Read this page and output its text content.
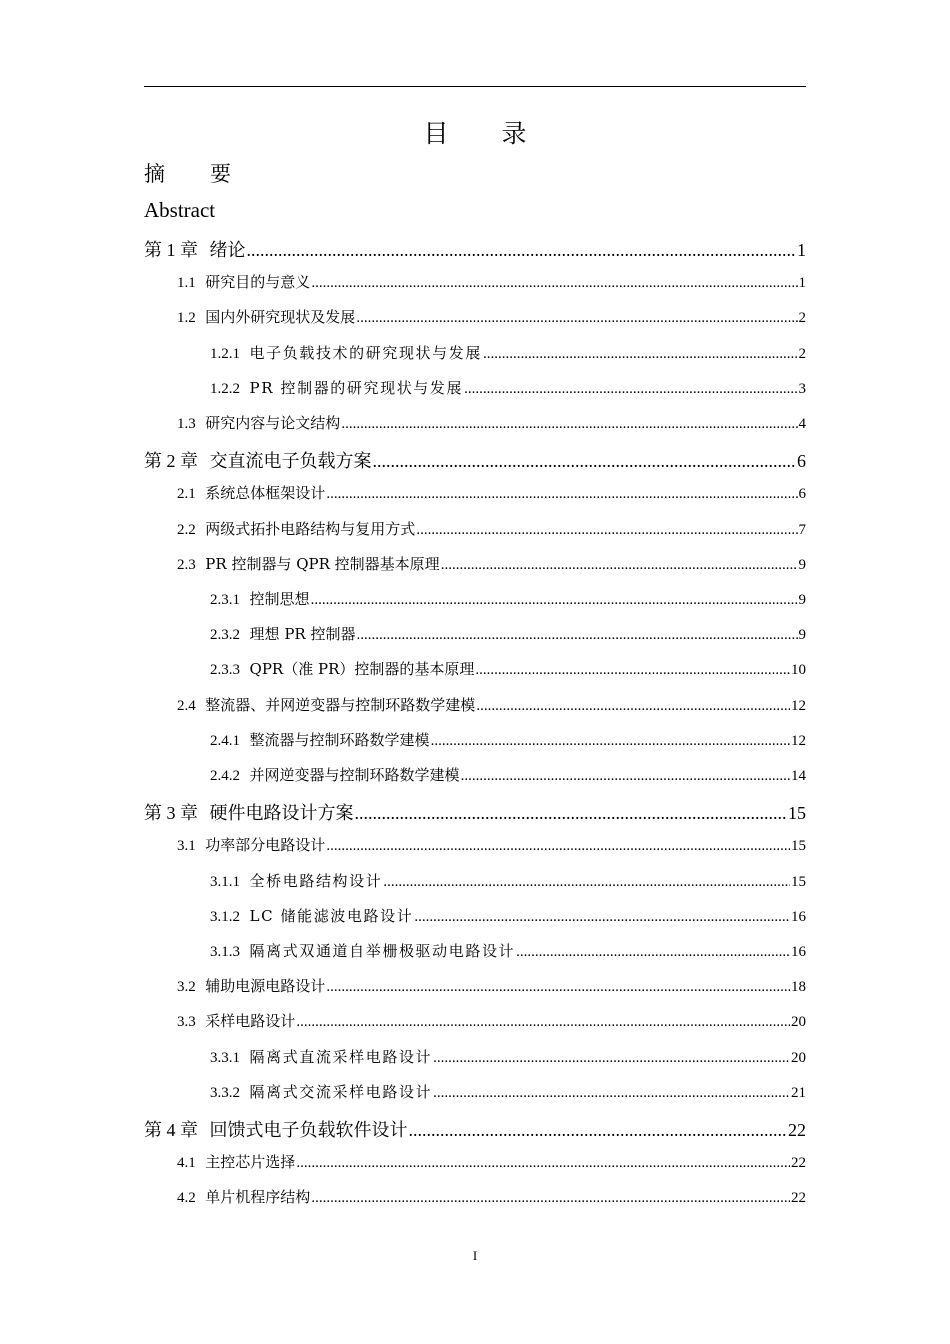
目　录
摘　要
Abstract
第 1 章 绪论 .....	1
1.1 研究目的与意义 .....	1
1.2 国内外研究现状及发展 .....	2
1.2.1 电子负载技术的研究现状与发展 .....	2
1.2.2 PR 控制器的研究现状与发展 .....	3
1.3 研究内容与论文结构 .....	4
第 2 章 交直流电子负载方案 .....	6
2.1 系统总体框架设计 .....	6
2.2 两级式拓扑电路结构与复用方式 .....	7
2.3 PR 控制器与 QPR 控制器基本原理 .....	9
2.3.1 控制思想 .....	9
2.3.2 理想 PR 控制器 .....	9
2.3.3 QPR（准 PR）控制器的基本原理 .....	10
2.4 整流器、并网逆变器与控制环路数学建模 .....	12
2.4.1 整流器与控制环路数学建模 .....	12
2.4.2 并网逆变器与控制环路数学建模 .....	14
第 3 章 硬件电路设计方案 .....	15
3.1 功率部分电路设计 .....	15
3.1.1 全桥电路结构设计 .....	15
3.1.2 LC 储能滤波电路设计 .....	16
3.1.3 隔离式双通道自举栅极驱动电路设计 .....	16
3.2 辅助电源电路设计 .....	18
3.3 采样电路设计 .....	20
3.3.1 隔离式直流采样电路设计 .....	20
3.3.2 隔离式交流采样电路设计 .....	21
第 4 章 回馈式电子负载软件设计 .....	22
4.1 主控芯片选择 .....	22
4.2 单片机程序结构 .....	22
I
